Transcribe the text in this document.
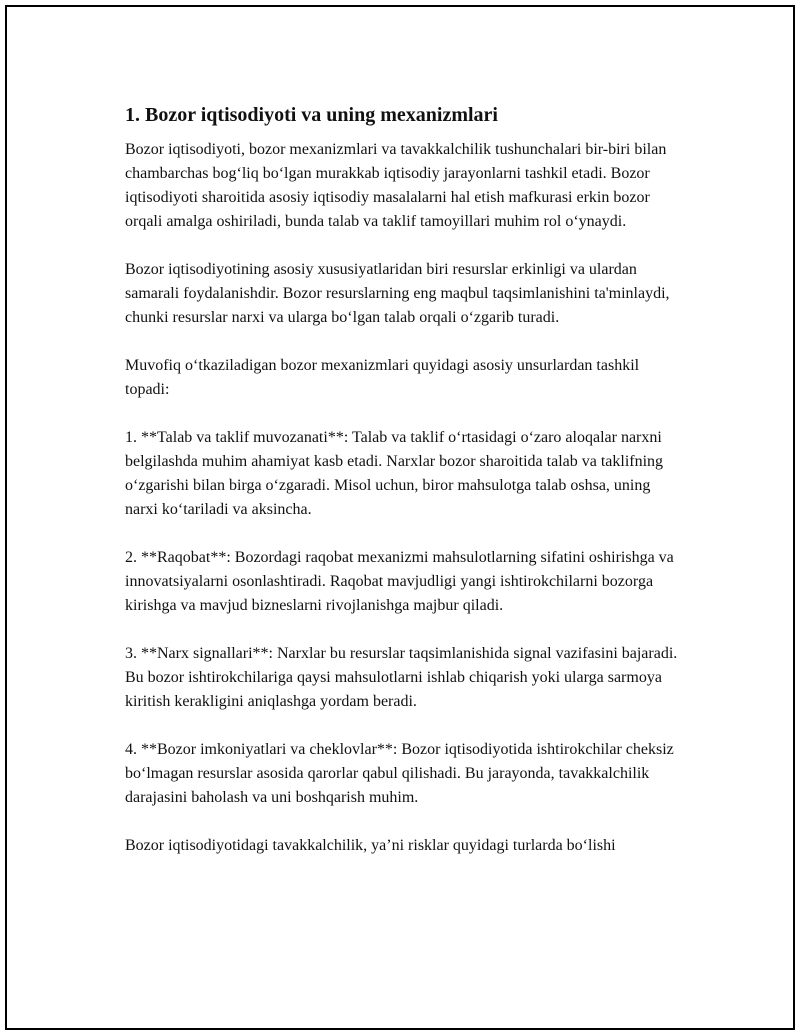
1. Bozor iqtisodiyoti va uning mexanizmlari

Bozor iqtisodiyoti, bozor mexanizmlari va tavakkalchilik tushunchalari bir-biri bilan chambarchas bog‘liq bo‘lgan murakkab iqtisodiy jarayonlarni tashkil etadi. Bozor iqtisodiyoti sharoitida asosiy iqtisodiy masalalarni hal etish mafkurasi erkin bozor orqali amalga oshiriladi, bunda talab va taklif tamoyillari muhim rol o‘ynaydi.

Bozor iqtisodiyotining asosiy xususiyatlaridan biri resurslar erkinligi va ulardan samarali foydalanishdir. Bozor resurslarning eng maqbul taqsimlanishini ta'minlaydi, chunki resurslar narxi va ularga bo‘lgan talab orqali o‘zgarib turadi.

Muvofiq o‘tkaziladigan bozor mexanizmlari quyidagi asosiy unsurlardan tashkil topadi:

1. **Talab va taklif muvozanati**: Talab va taklif o‘rtasidagi o‘zaro aloqalar narxni belgilashda muhim ahamiyat kasb etadi. Narxlar bozor sharoitida talab va taklifning o‘zgarishi bilan birga o‘zgaradi. Misol uchun, biror mahsulotga talab oshsa, uning narxi ko‘tariladi va aksincha.

2. **Raqobat**: Bozordagi raqobat mexanizmi mahsulotlarning sifatini oshirishga va innovatsiyalarni osonlashtiradi. Raqobat mavjudligi yangi ishtirokchilarni bozorga kirishga va mavjud bizneslarni rivojlanishga majbur qiladi.

3. **Narx signallari**: Narxlar bu resurslar taqsimlanishida signal vazifasini bajaradi. Bu bozor ishtirokchilariga qaysi mahsulotlarni ishlab chiqarish yoki ularga sarmoya kiritish kerakligini aniqlashga yordam beradi.

4. **Bozor imkoniyatlari va cheklovlar**: Bozor iqtisodiyotida ishtirokchilar cheksiz bo‘lmagan resurslar asosida qarorlar qabul qilishadi. Bu jarayonda, tavakkalchilik darajasini baholash va uni boshqarish muhim.

Bozor iqtisodiyotidagi tavakkalchilik, ya’ni risklar quyidagi turlarda bo‘lishi
